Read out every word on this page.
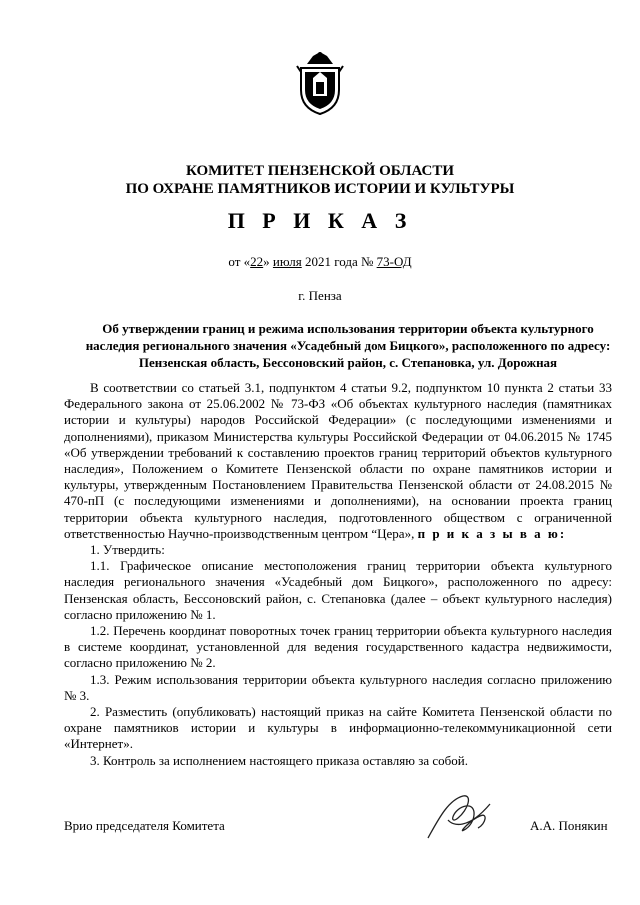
КОМИТЕТ ПЕНЗЕНСКОЙ ОБЛАСТИ
ПО ОХРАНЕ ПАМЯТНИКОВ ИСТОРИИ И КУЛЬТУРЫ
П Р И К А З
от «22» июля 2021 года № 73-ОД
г. Пенза
Об утверждении границ и режима использования территории объекта культурного наследия регионального значения «Усадебный дом Бицкого», расположенного по адресу: Пензенская область, Бессоновский район, с. Степановка, ул. Дорожная

В соответствии со статьей 3.1, подпунктом 4 статьи 9.2, подпунктом 10 пункта 2 статьи 33 Федерального закона от 25.06.2002 № 73-ФЗ «Об объектах культурного наследия (памятниках истории и культуры) народов Российской Федерации» (с последующими изменениями и дополнениями), приказом Министерства культуры Российской Федерации от 04.06.2015 № 1745 «Об утверждении требований к составлению проектов границ территорий объектов культурного наследия», Положением о Комитете Пензенской области по охране памятников истории и культуры, утвержденным Постановлением Правительства Пензенской области от 24.08.2015 № 470-пП (с последующими изменениями и дополнениями), на основании проекта границ территории объекта культурного наследия, подготовленного обществом с ограниченной ответственностью Научно-производственным центром “Цера», п р и к а з ы в а ю:

1. Утвердить:

1.1. Графическое описание местоположения границ территории объекта культурного наследия регионального значения «Усадебный дом Бицкого», расположенного по адресу: Пензенская область, Бессоновский район, с. Степановка (далее – объект культурного наследия) согласно приложению № 1.

1.2. Перечень координат поворотных точек границ территории объекта культурного наследия в системе координат, установленной для ведения государственного кадастра недвижимости, согласно приложению № 2.

1.3. Режим использования территории объекта культурного наследия согласно приложению № 3.

2. Разместить (опубликовать) настоящий приказ на сайте Комитета Пензенской области по охране памятников истории и культуры в информационно-телекоммуникационной сети «Интернет».

3. Контроль за исполнением настоящего приказа оставляю за собой.

Врио председателя Комитета	А.А. Понякин
